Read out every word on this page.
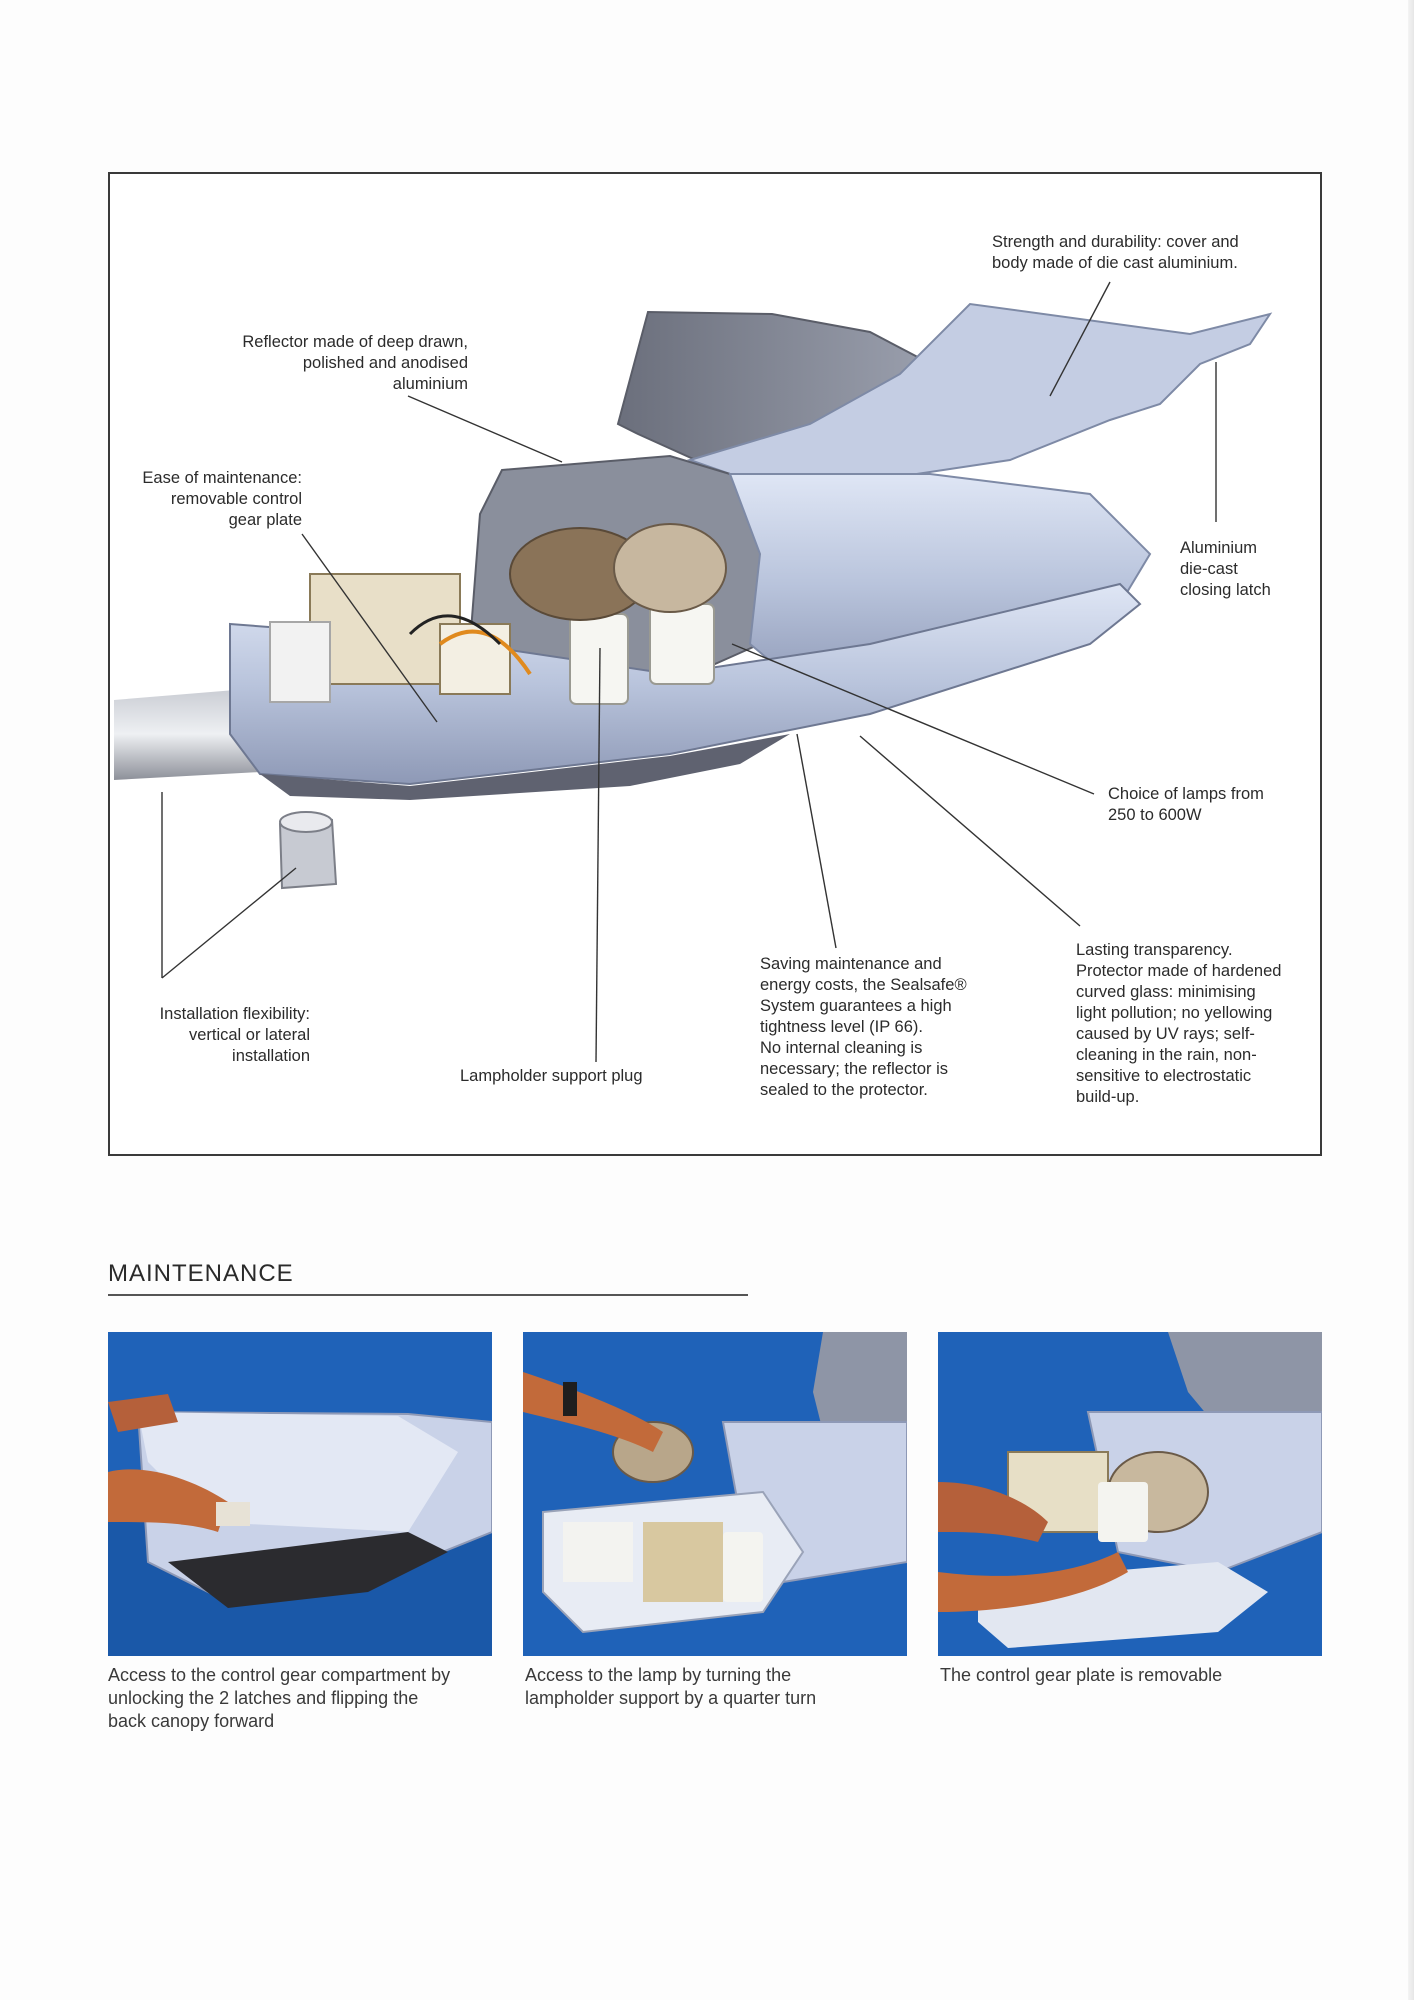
Strength and durability: cover and
body made of die cast aluminium.
Reflector made of deep drawn,
polished and anodised
aluminium
Ease of maintenance:
removable control
gear plate
Aluminium
die-cast
closing latch
Choice of lamps from
250 to 600W
Installation flexibility:
vertical or lateral
installation
Lampholder support plug
Saving maintenance and
energy costs, the Sealsafe®
System guarantees a high
tightness level (IP 66).
No internal cleaning is
necessary; the reflector is
sealed to the protector.
Lasting transparency.
Protector made of hardened
curved glass: minimising
light pollution; no yellowing
caused by UV rays; self-
cleaning in the rain, non-
sensitive to electrostatic
build-up.
MAINTENANCE
Access to the control gear compartment by
unlocking the 2 latches and flipping the
back canopy forward
Access to the lamp by turning the
lampholder support by a quarter turn
The control gear plate is removable
